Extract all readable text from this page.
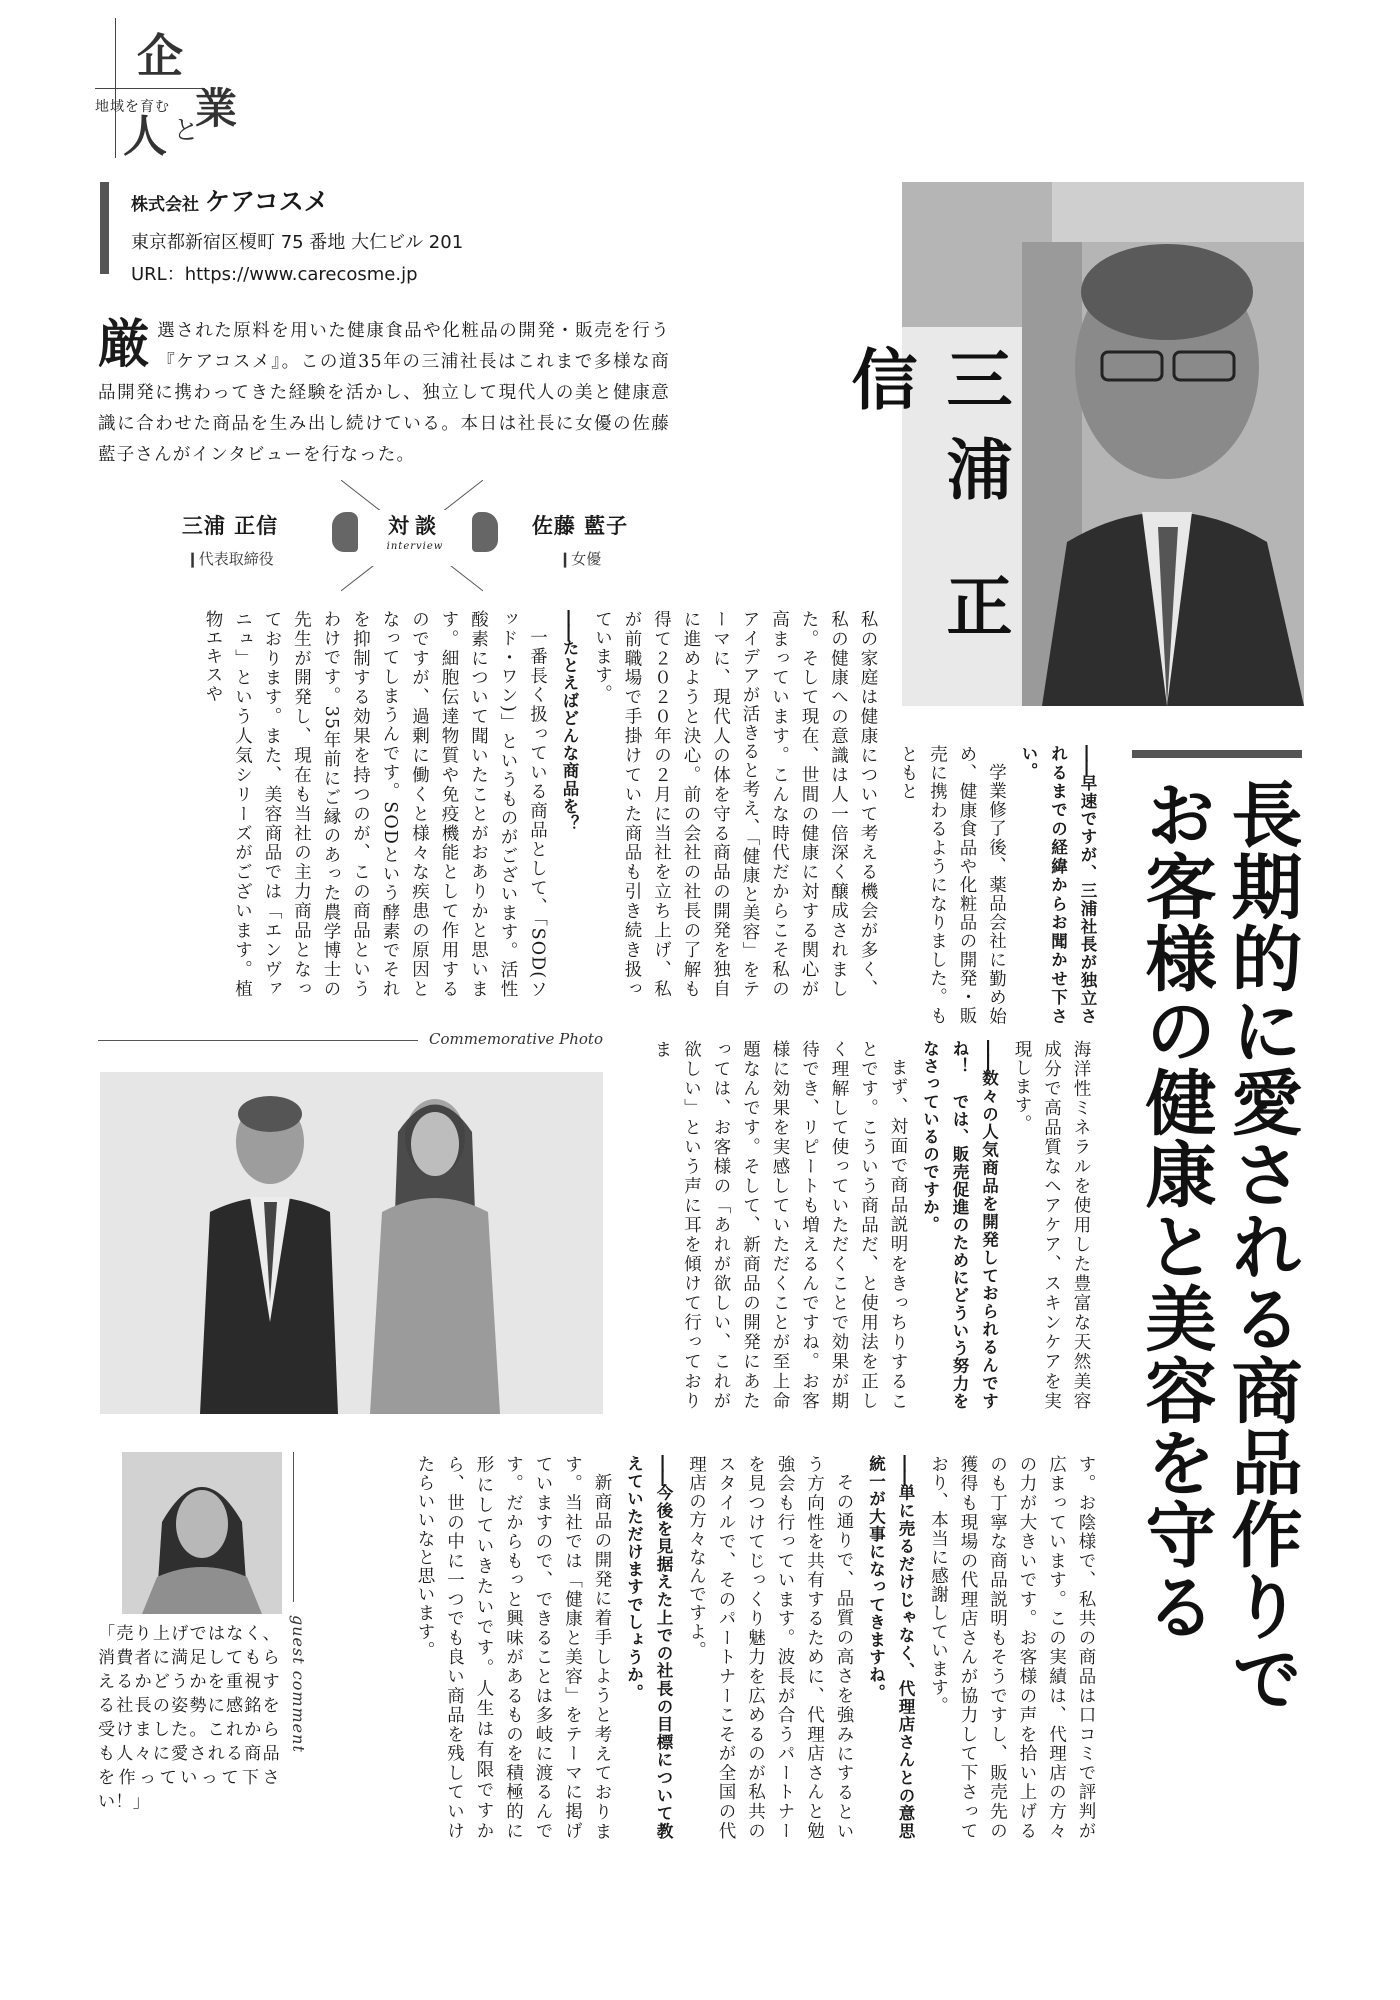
企
業
人 と
地域を育む
株式会社 ケアコスメ
東京都新宿区榎町 75 番地 大仁ビル 201
URL：https://www.carecosme.jp
厳選された原料を用いた健康食品や化粧品の開発・販売を行う『ケアコスメ』。この道35年の三浦社長はこれまで多様な商品開発に携わってきた経験を活かし、独立して現代人の美と健康意識に合わせた商品を生み出し続けている。本日は社長に女優の佐藤藍子さんがインタビューを行なった。
三浦 正信
❙代表取締役
対談
interview
佐藤 藍子
❙女優	三浦 正信
長期的に愛される商品作りでお客様の健康と美容を守る
――早速ですが、三浦社長が独立されるまでの経緯からお聞かせ下さい。
学業修了後、薬品会社に勤め始め、健康食品や化粧品の開発・販売に携わるようになりました。もともと
私の家庭は健康について考える機会が多く、私の健康への意識は人一倍深く醸成されました。そして現在、世間の健康に対する関心が高まっています。こんな時代だからこそ私のアイデアが活きると考え、「健康と美容」をテーマに、現代人の体を守る商品の開発を独自に進めようと決心。前の会社の社長の了解も得て２０２０年の２月に当社を立ち上げ、私が前職場で手掛けていた商品も引き続き扱っています。
――たとえばどんな商品を？
一番長く扱っている商品として、「SOD(ソッド・ワン)」というものがございます。活性酸素について聞いたことがおありかと思います。細胞伝達物質や免疫機能として作用するのですが、過剰に働くと様々な疾患の原因となってしまうんです。SODという酵素でそれを抑制する効果を持つのが、この商品というわけです。35年前にご縁のあった農学博士の先生が開発し、現在も当社の主力商品となっております。また、美容商品では「エンヴァニュ」という人気シリーズがございます。植物エキスや
海洋性ミネラルを使用した豊富な天然美容成分で高品質なヘアケア、スキンケアを実現します。
――数々の人気商品を開発しておられるんですね！　では、販売促進のためにどういう努力をなさっているのですか。
まず、対面で商品説明をきっちりすることです。こういう商品だ、と使用法を正しく理解して使っていただくことで効果が期待でき、リピートも増えるんですね。お客様に効果を実感していただくことが至上命題なんです。そして、新商品の開発にあたっては、お客様の「あれが欲しい、これが欲しい」という声に耳を傾けて行っておりま
す。お陰様で、私共の商品は口コミで評判が広まっています。この実績は、代理店の方々の力が大きいです。お客様の声を拾い上げるのも丁寧な商品説明もそうですし、販売先の獲得も現場の代理店さんが協力して下さっており、本当に感謝しています。
――単に売るだけじゃなく、代理店さんとの意思統一が大事になってきますね。
その通りで、品質の高さを強みにするという方向性を共有するために、代理店さんと勉強会も行っています。波長が合うパートナーを見つけてじっくり魅力を広めるのが私共のスタイルで、そのパートナーこそが全国の代理店の方々なんですよ。
――今後を見据えた上での社長の目標について教えていただけますでしょうか。
新商品の開発に着手しようと考えております。当社では「健康と美容」をテーマに掲げていますので、できることは多岐に渡るんです。だからもっと興味があるものを積極的に形にしていきたいです。人生は有限ですから、世の中に一つでも良い商品を残していけたらいいなと思います。
Commemorative Photo
「売り上げではなく、消費者に満足してもらえるかどうかを重視する社長の姿勢に感銘を受けました。これからも人々に愛される商品を作っていって下さい！」
guest comment
